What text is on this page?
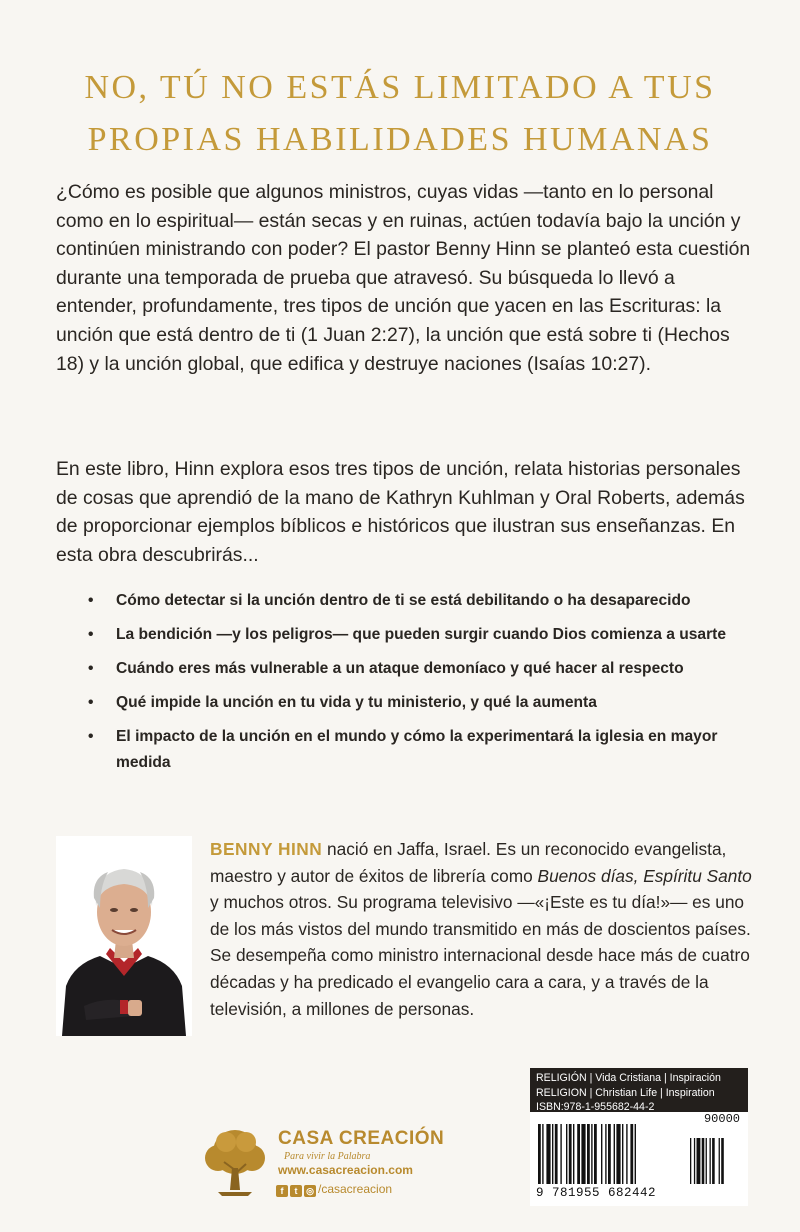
NO, TÚ NO ESTÁS LIMITADO A TUS
PROPIAS HABILIDADES HUMANAS

¿Cómo es posible que algunos ministros, cuyas vidas —tanto en lo personal como en lo espiritual— están secas y en ruinas, actúen todavía bajo la unción y continúen ministrando con poder? El pastor Benny Hinn se planteó esta cuestión durante una temporada de prueba que atravesó. Su búsqueda lo llevó a entender, profundamente, tres tipos de unción que yacen en las Escrituras: la unción que está dentro de ti (1 Juan 2:27), la unción que está sobre ti (Hechos 18) y la unción global, que edifica y destruye naciones (Isaías 10:27).

En este libro, Hinn explora esos tres tipos de unción, relata historias personales de cosas que aprendió de la mano de Kathryn Kuhlman y Oral Roberts, además de proporcionar ejemplos bíblicos e históricos que ilustran sus enseñanzas. En esta obra descubrirás...

• Cómo detectar si la unción dentro de ti se está debilitando o ha desaparecido
• La bendición —y los peligros— que pueden surgir cuando Dios comienza a usarte
• Cuándo eres más vulnerable a un ataque demoníaco y qué hacer al respecto
• Qué impide la unción en tu vida y tu ministerio, y qué la aumenta
• El impacto de la unción en el mundo y cómo la experimentará la iglesia en mayor medida

BENNY HINN nació en Jaffa, Israel. Es un reconocido evangelista, maestro y autor de éxitos de librería como Buenos días, Espíritu Santo y muchos otros. Su programa televisivo —«¡Este es tu día!»— es uno de los más vistos del mundo transmitido en más de doscientos países. Se desempeña como ministro internacional desde hace más de cuatro décadas y ha predicado el evangelio cara a cara, y a través de la televisión, a millones de personas.

CASA CREACIÓN
Para vivir la Palabra
www.casacreacion.com
f t ◎ /casacreacion
RELIGIÓN | Vida Cristiana | Inspiración
RELIGION | Christian Life | Inspiration
ISBN:978-1-955682-44-2
90000
9 781955 682442
